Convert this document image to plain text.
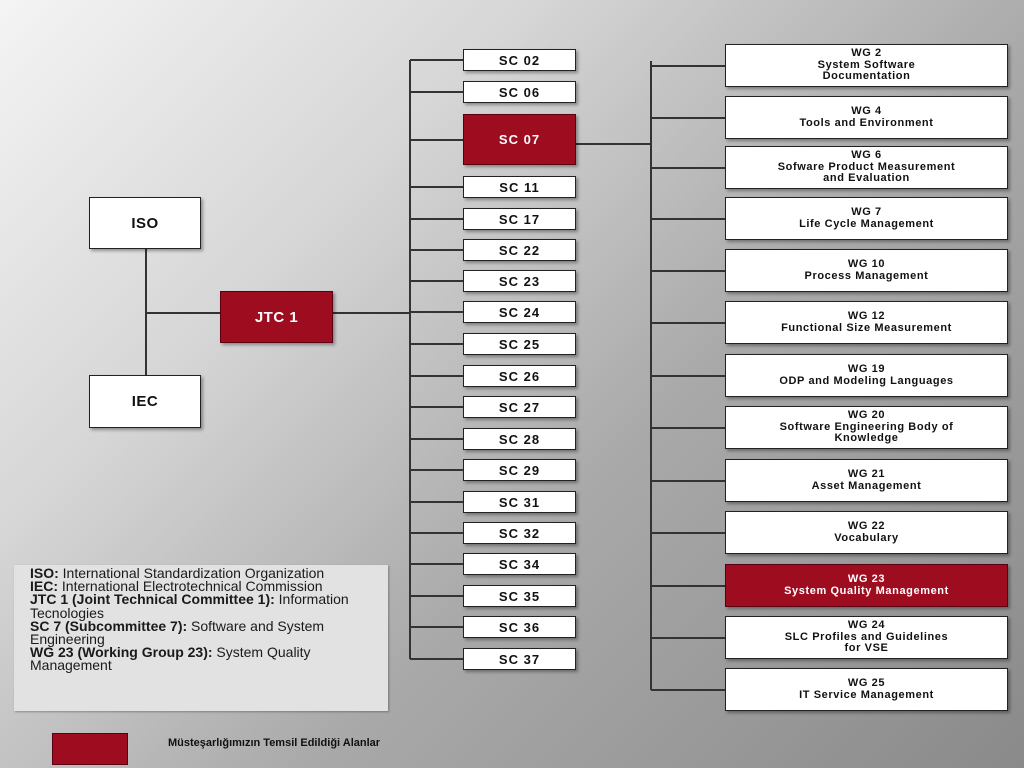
ISO
IEC
JTC 1
SC 02
SC 06
SC 07
SC 11
SC 17
SC 22
SC 23
SC 24
SC 25
SC 26
SC 27
SC 28
SC 29
SC 31
SC 32
SC 34
SC 35
SC 36
SC 37
WG 2
System Software
Documentation
WG 4
Tools and Environment
WG 6
Sofware Product Measurement
and Evaluation
WG 7
Life Cycle Management
WG 10
Process Management
WG 12
Functional Size Measurement
WG 19
ODP and Modeling Languages
WG 20
Software Engineering Body of
Knowledge
WG 21
Asset Management
WG 22
Vocabulary
WG 23
System Quality Management
WG 24
SLC Profiles and Guidelines
for VSE
WG 25
IT Service Management
ISO: International Standardization Organization
IEC: International Electrotechnical Commission
JTC 1 (Joint Technical Committee 1): Information Tecnologies
SC 7 (Subcommittee 7): Software and System Engineering
WG 23 (Working Group 23): System Quality Management
Müsteşarlığımızın Temsil Edildiği Alanlar
